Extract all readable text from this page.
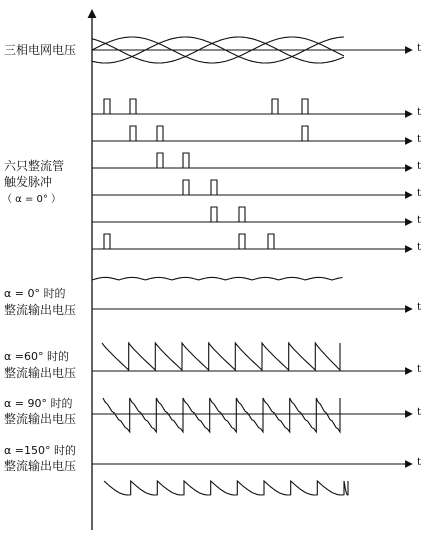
三相电网电压
六只整流管
触发脉冲
（ α = 0° ）
α = 0° 时的
整流输出电压
α =60° 时的
整流输出电压
α = 90° 时的
整流输出电压
α =150° 时的
整流输出电压
t
t
t
t
t
t
t
t
t
t
t
